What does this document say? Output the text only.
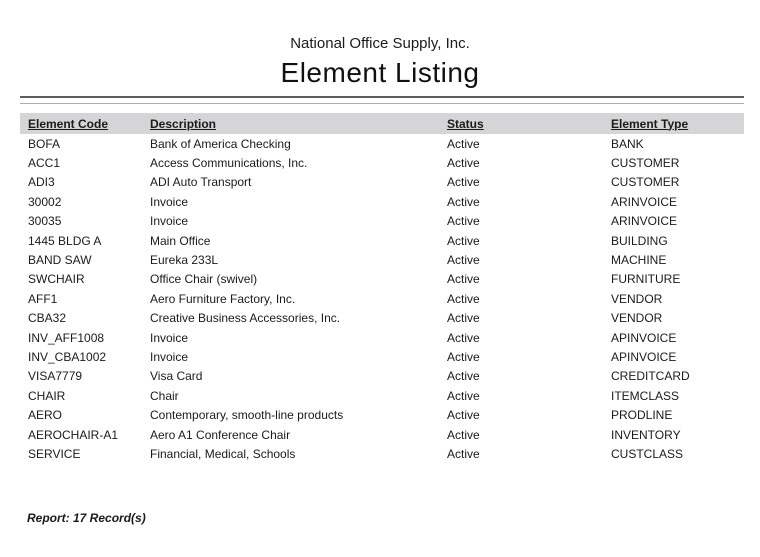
National Office Supply, Inc.
Element Listing
Element Code	Description	Status	Element Type
BOFA	Bank of America Checking	Active	BANK
ACC1	Access Communications, Inc.	Active	CUSTOMER
ADI3	ADI Auto Transport	Active	CUSTOMER
30002	Invoice	Active	ARINVOICE
30035	Invoice	Active	ARINVOICE
1445 BLDG A	Main Office	Active	BUILDING
BAND SAW	Eureka 233L	Active	MACHINE
SWCHAIR	Office Chair (swivel)	Active	FURNITURE
AFF1	Aero Furniture Factory, Inc.	Active	VENDOR
CBA32	Creative Business Accessories, Inc.	Active	VENDOR
INV_AFF1008	Invoice	Active	APINVOICE
INV_CBA1002	Invoice	Active	APINVOICE
VISA7779	Visa Card	Active	CREDITCARD
CHAIR	Chair	Active	ITEMCLASS
AERO	Contemporary, smooth-line products	Active	PRODLINE
AEROCHAIR-A1	Aero A1 Conference Chair	Active	INVENTORY
SERVICE	Financial, Medical, Schools	Active	CUSTCLASS
Report: 17 Record(s)
